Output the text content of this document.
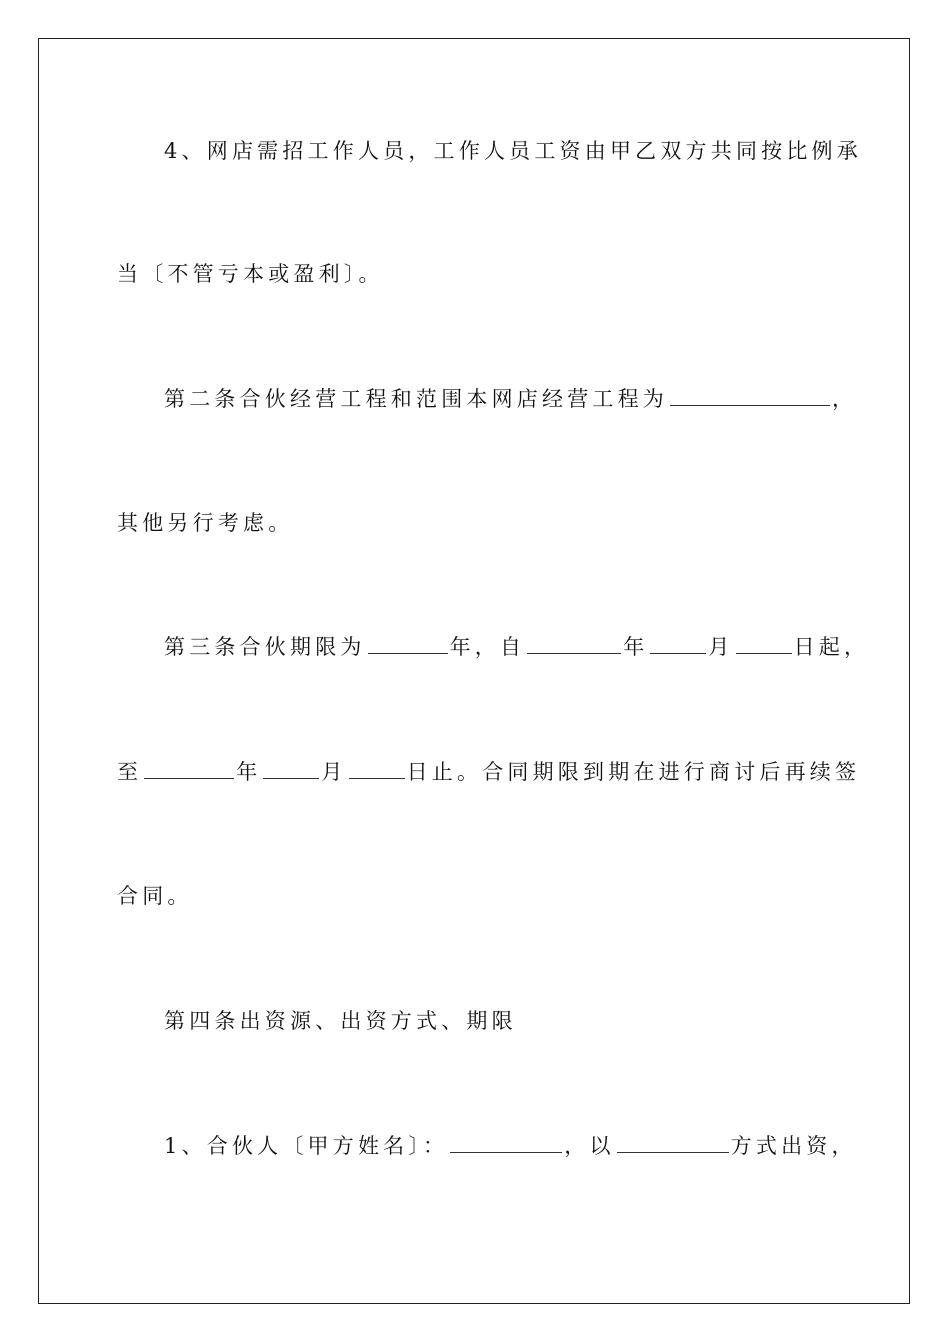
4、网店需招工作人员，工作人员工资由甲乙双方共同按比例承
当〔不管亏本或盈利〕。
第二条合伙经营工程和范围本网店经营工程为	，
其他另行考虑。
第三条合伙期限为	年，自	年	月	日起，
至	年	月	日止。合同期限到期在进行商讨后再续签
合同。
第四条出资源、出资方式、期限
1、合伙人〔甲方姓名〕：	，以	方式出资，
